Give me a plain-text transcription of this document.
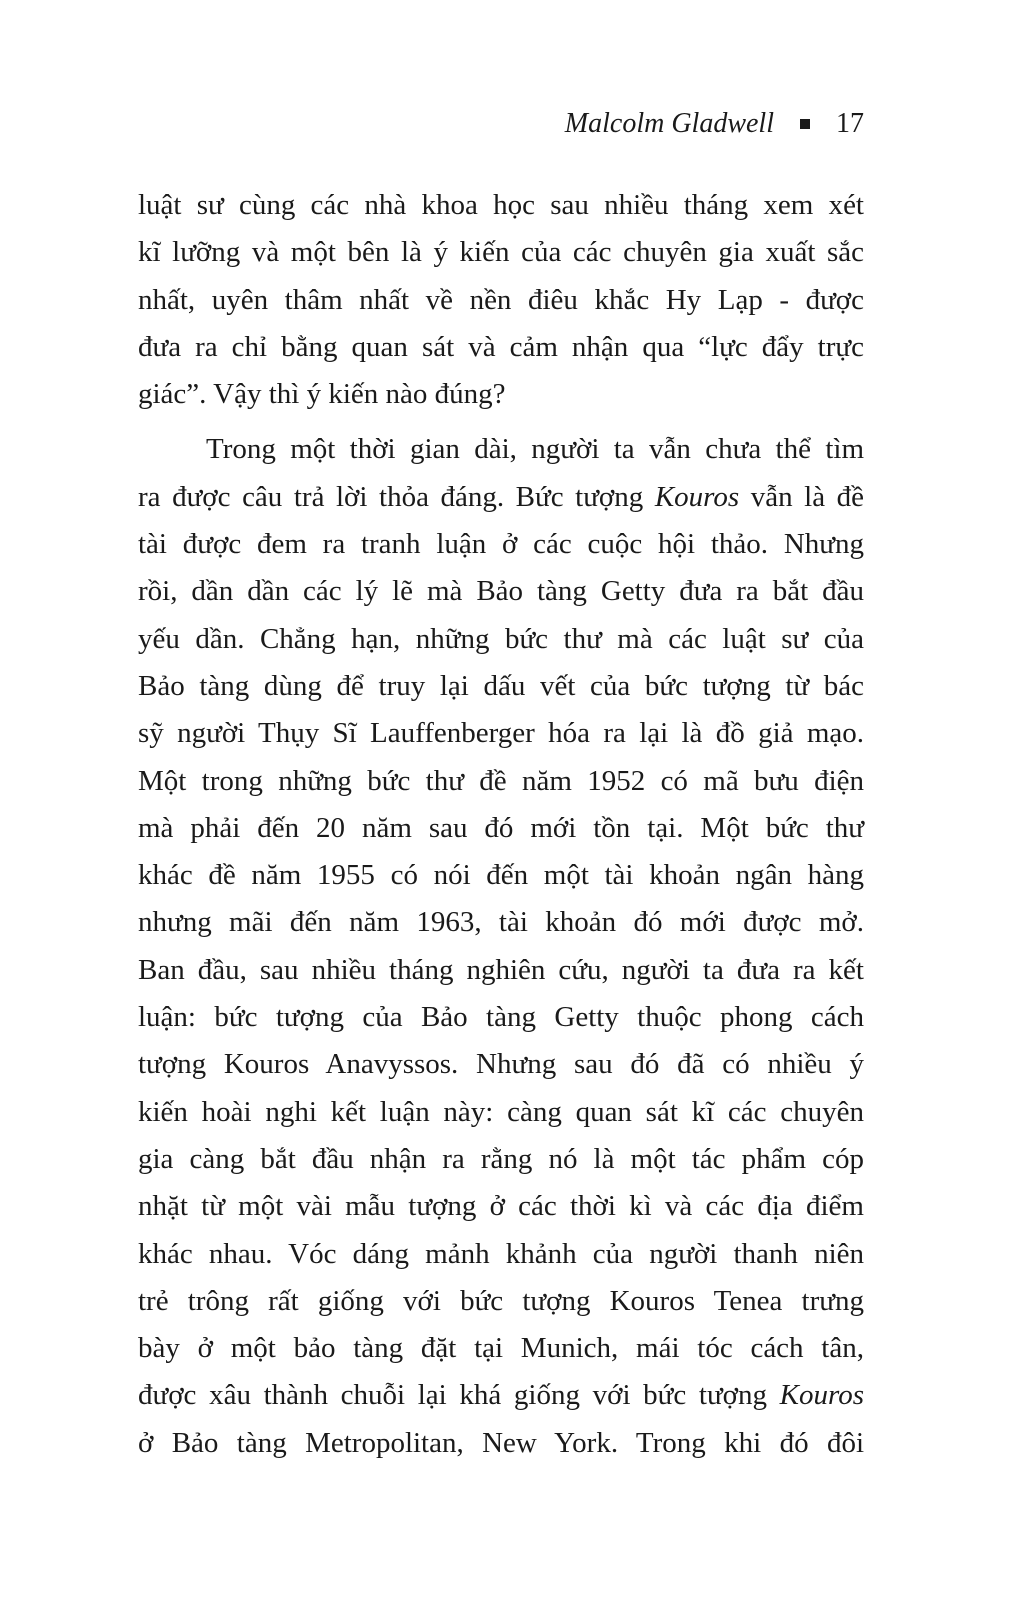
Malcolm Gladwell 17
luật sư cùng các nhà khoa học sau nhiều tháng xem xét
kĩ lưỡng và một bên là ý kiến của các chuyên gia xuất sắc
nhất, uyên thâm nhất về nền điêu khắc Hy Lạp - được
đưa ra chỉ bằng quan sát và cảm nhận qua “lực đẩy trực
giác”. Vậy thì ý kiến nào đúng?
Trong một thời gian dài, người ta vẫn chưa thể tìm
ra được câu trả lời thỏa đáng. Bức tượng Kouros vẫn là đề
tài được đem ra tranh luận ở các cuộc hội thảo. Nhưng
rồi, dần dần các lý lẽ mà Bảo tàng Getty đưa ra bắt đầu
yếu dần. Chẳng hạn, những bức thư mà các luật sư của
Bảo tàng dùng để truy lại dấu vết của bức tượng từ bác
sỹ người Thụy Sĩ Lauffenberger hóa ra lại là đồ giả mạo.
Một trong những bức thư đề năm 1952 có mã bưu điện
mà phải đến 20 năm sau đó mới tồn tại. Một bức thư
khác đề năm 1955 có nói đến một tài khoản ngân hàng
nhưng mãi đến năm 1963, tài khoản đó mới được mở.
Ban đầu, sau nhiều tháng nghiên cứu, người ta đưa ra kết
luận: bức tượng của Bảo tàng Getty thuộc phong cách
tượng Kouros Anavyssos. Nhưng sau đó đã có nhiều ý
kiến hoài nghi kết luận này: càng quan sát kĩ các chuyên
gia càng bắt đầu nhận ra rằng nó là một tác phẩm cóp
nhặt từ một vài mẫu tượng ở các thời kì và các địa điểm
khác nhau. Vóc dáng mảnh khảnh của người thanh niên
trẻ trông rất giống với bức tượng Kouros Tenea trưng
bày ở một bảo tàng đặt tại Munich, mái tóc cách tân,
được xâu thành chuỗi lại khá giống với bức tượng Kouros
ở Bảo tàng Metropolitan, New York. Trong khi đó đôi
